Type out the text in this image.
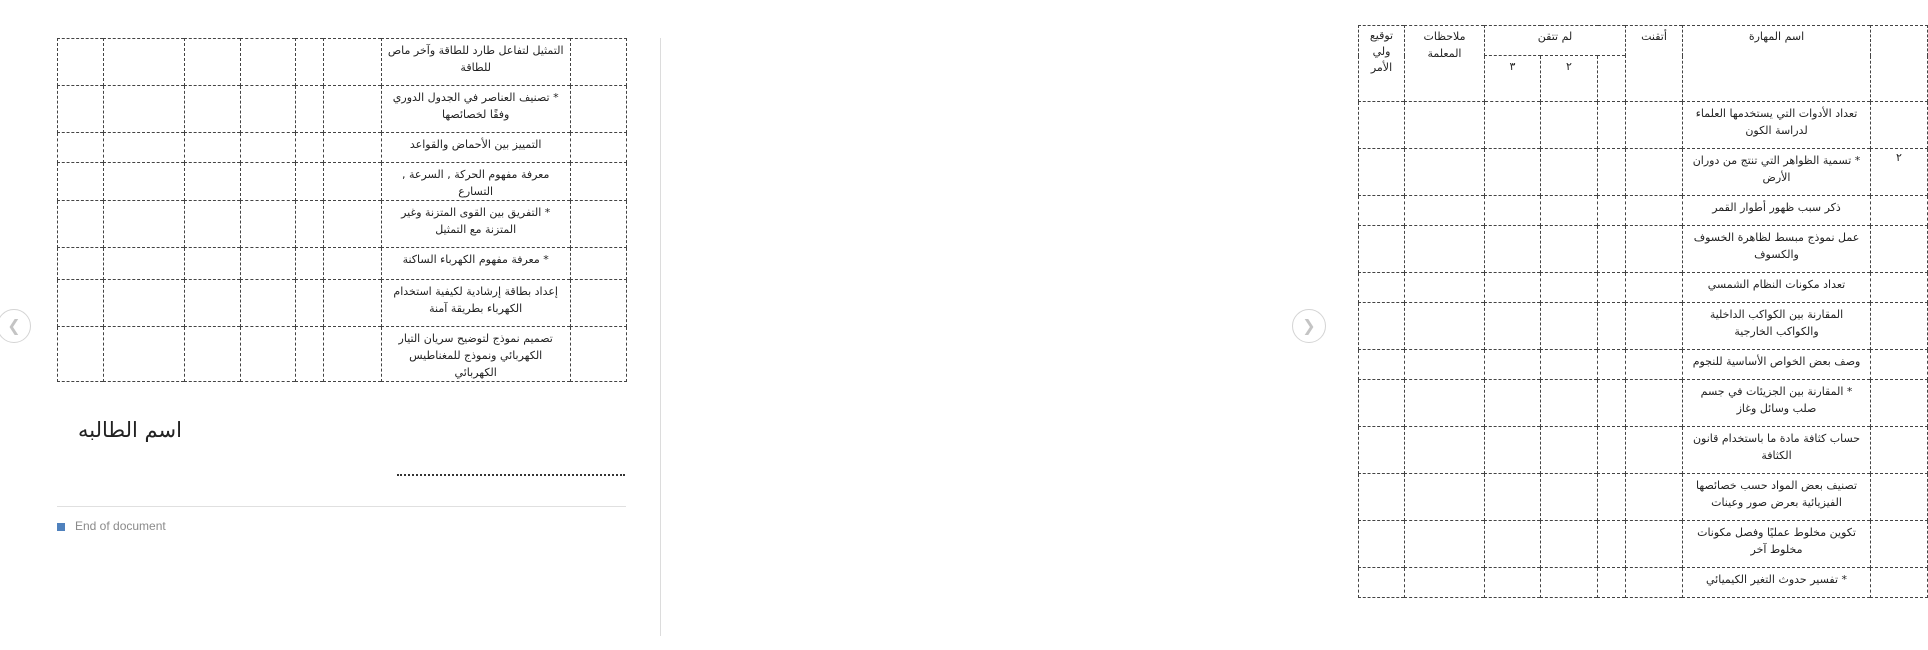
	التمثيل لتفاعل طارد للطاقة وآخر ماص للطاقة						
	* تصنيف العناصر في الجدول الدوري وفقًا لخصائصها						
	التمييز بين الأحماض والقواعد						
	معرفة مفهوم الحركة , السرعة , التسارع						
	* التفريق بين القوى المتزنة وغير المتزنة مع التمثيل						
	* معرفة مفهوم الكهرباء الساكنة						
	إعداد بطاقة إرشادية لكيفية استخدام الكهرباء بطريقة آمنة						
	تصميم نموذج لتوضيح سريان التيار الكهربائي ونموذج للمغناطيس الكهربائي						
اسم الطالبه
End of document
	اسم المهارة	أتقنت	لم تتقن			ملاحظات المعلمة	توقيع ولي الأمر

				٢	٣		
	تعداد الأدوات التي يستخدمها العلماء لدراسة الكون						
٢	* تسمية الظواهر التي تنتج من دوران الأرض						
	ذكر سبب ظهور أطوار القمر						
	عمل نموذج مبسط لظاهرة الخسوف والكسوف						
	تعداد مكونات النظام الشمسي						
	المقارنة بين الكواكب الداخلية والكواكب الخارجية						
	وصف بعض الخواص الأساسية للنجوم						
	* المقارنة بين الجزيئات في جسم صلب وسائل وغاز						
	حساب كثافة مادة ما باستخدام قانون الكثافة						
	تصنيف بعض المواد حسب خصائصها الفيزيائية بعرض صور وعينات						
	تكوين مخلوط عمليًا وفصل مكونات مخلوط آخر						
	* تفسير حدوث التغير الكيميائي						
❮	❯
